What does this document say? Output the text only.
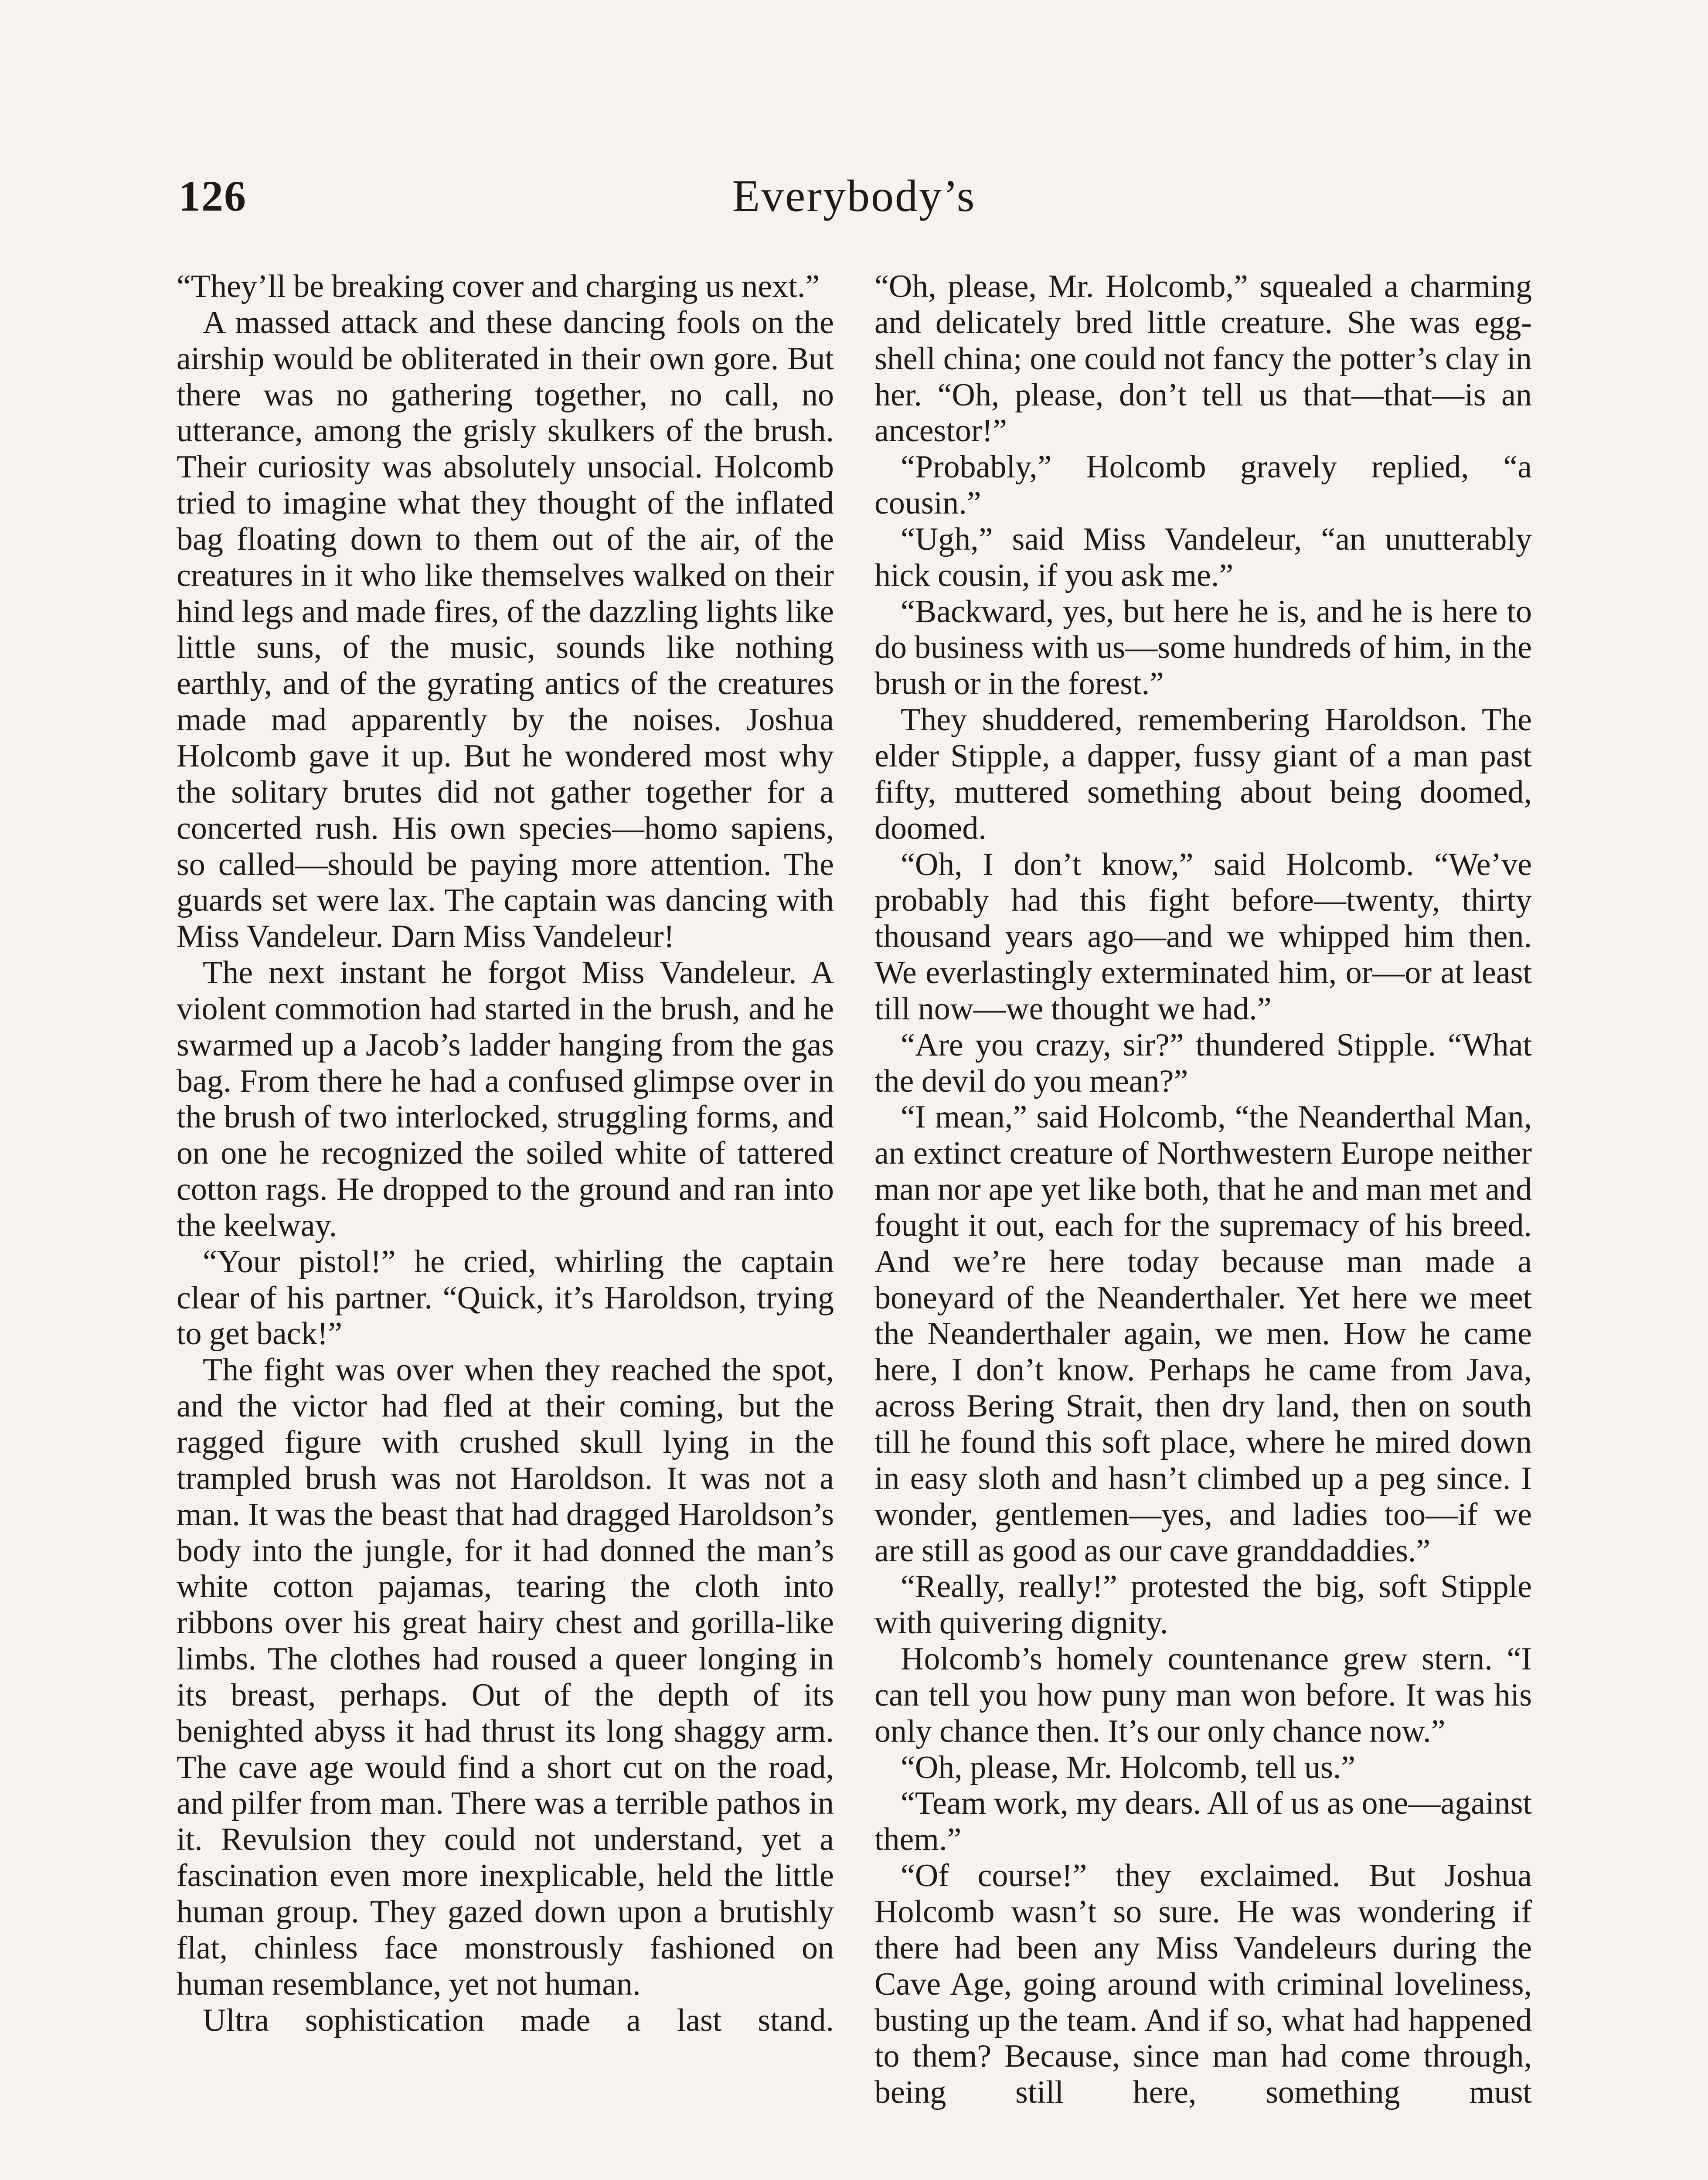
126	Everybody’s

“They’ll be breaking cover and charging us next.”

A massed attack and these dancing fools on the airship would be obliterated in their own gore. But there was no gathering together, no call, no utterance, among the grisly skulkers of the brush. Their curiosity was absolutely unsocial. Holcomb tried to imagine what they thought of the inflated bag floating down to them out of the air, of the creatures in it who like themselves walked on their hind legs and made fires, of the dazzling lights like little suns, of the music, sounds like nothing earthly, and of the gyrating antics of the creatures made mad apparently by the noises. Joshua Holcomb gave it up. But he wondered most why the solitary brutes did not gather together for a concerted rush. His own species—homo sapiens, so called—should be paying more attention. The guards set were lax. The captain was dancing with Miss Vandeleur. Darn Miss Vandeleur!

The next instant he forgot Miss Vandeleur. A violent commotion had started in the brush, and he swarmed up a Jacob’s ladder hanging from the gas bag. From there he had a confused glimpse over in the brush of two interlocked, struggling forms, and on one he recognized the soiled white of tattered cotton rags. He dropped to the ground and ran into the keelway.

“Your pistol!” he cried, whirling the captain clear of his partner. “Quick, it’s Haroldson, trying to get back!”

The fight was over when they reached the spot, and the victor had fled at their coming, but the ragged figure with crushed skull lying in the trampled brush was not Haroldson. It was not a man. It was the beast that had dragged Haroldson’s body into the jungle, for it had donned the man’s white cotton pajamas, tearing the cloth into ribbons over his great hairy chest and gorilla-like limbs. The clothes had roused a queer longing in its breast, perhaps. Out of the depth of its benighted abyss it had thrust its long shaggy arm. The cave age would find a short cut on the road, and pilfer from man. There was a terrible pathos in it. Revulsion they could not understand, yet a fascination even more inexplicable, held the little human group. They gazed down upon a brutishly flat, chinless face monstrously fashioned on human resemblance, yet not human.

Ultra sophistication made a last stand.

“Oh, please, Mr. Holcomb,” squealed a charming and delicately bred little creature. She was egg-shell china; one could not fancy the potter’s clay in her. “Oh, please, don’t tell us that—that—is an ancestor!”

“Probably,” Holcomb gravely replied, “a cousin.”

“Ugh,” said Miss Vandeleur, “an unutterably hick cousin, if you ask me.”

“Backward, yes, but here he is, and he is here to do business with us—some hundreds of him, in the brush or in the forest.”

They shuddered, remembering Haroldson. The elder Stipple, a dapper, fussy giant of a man past fifty, muttered something about being doomed, doomed.

“Oh, I don’t know,” said Holcomb. “We’ve probably had this fight before—twenty, thirty thousand years ago—and we whipped him then. We everlastingly exterminated him, or—or at least till now—we thought we had.”

“Are you crazy, sir?” thundered Stipple. “What the devil do you mean?”

“I mean,” said Holcomb, “the Neanderthal Man, an extinct creature of Northwestern Europe neither man nor ape yet like both, that he and man met and fought it out, each for the supremacy of his breed. And we’re here today because man made a boneyard of the Neanderthaler. Yet here we meet the Neanderthaler again, we men. How he came here, I don’t know. Perhaps he came from Java, across Bering Strait, then dry land, then on south till he found this soft place, where he mired down in easy sloth and hasn’t climbed up a peg since. I wonder, gentlemen—yes, and ladies too—if we are still as good as our cave granddaddies.”

“Really, really!” protested the big, soft Stipple with quivering dignity.

Holcomb’s homely countenance grew stern. “I can tell you how puny man won before. It was his only chance then. It’s our only chance now.”

“Oh, please, Mr. Holcomb, tell us.”

“Team work, my dears. All of us as one—against them.”

“Of course!” they exclaimed. But Joshua Holcomb wasn’t so sure. He was wondering if there had been any Miss Vandeleurs during the Cave Age, going around with criminal loveliness, busting up the team. And if so, what had happened to them? Because, since man had come through, being still here, something must
